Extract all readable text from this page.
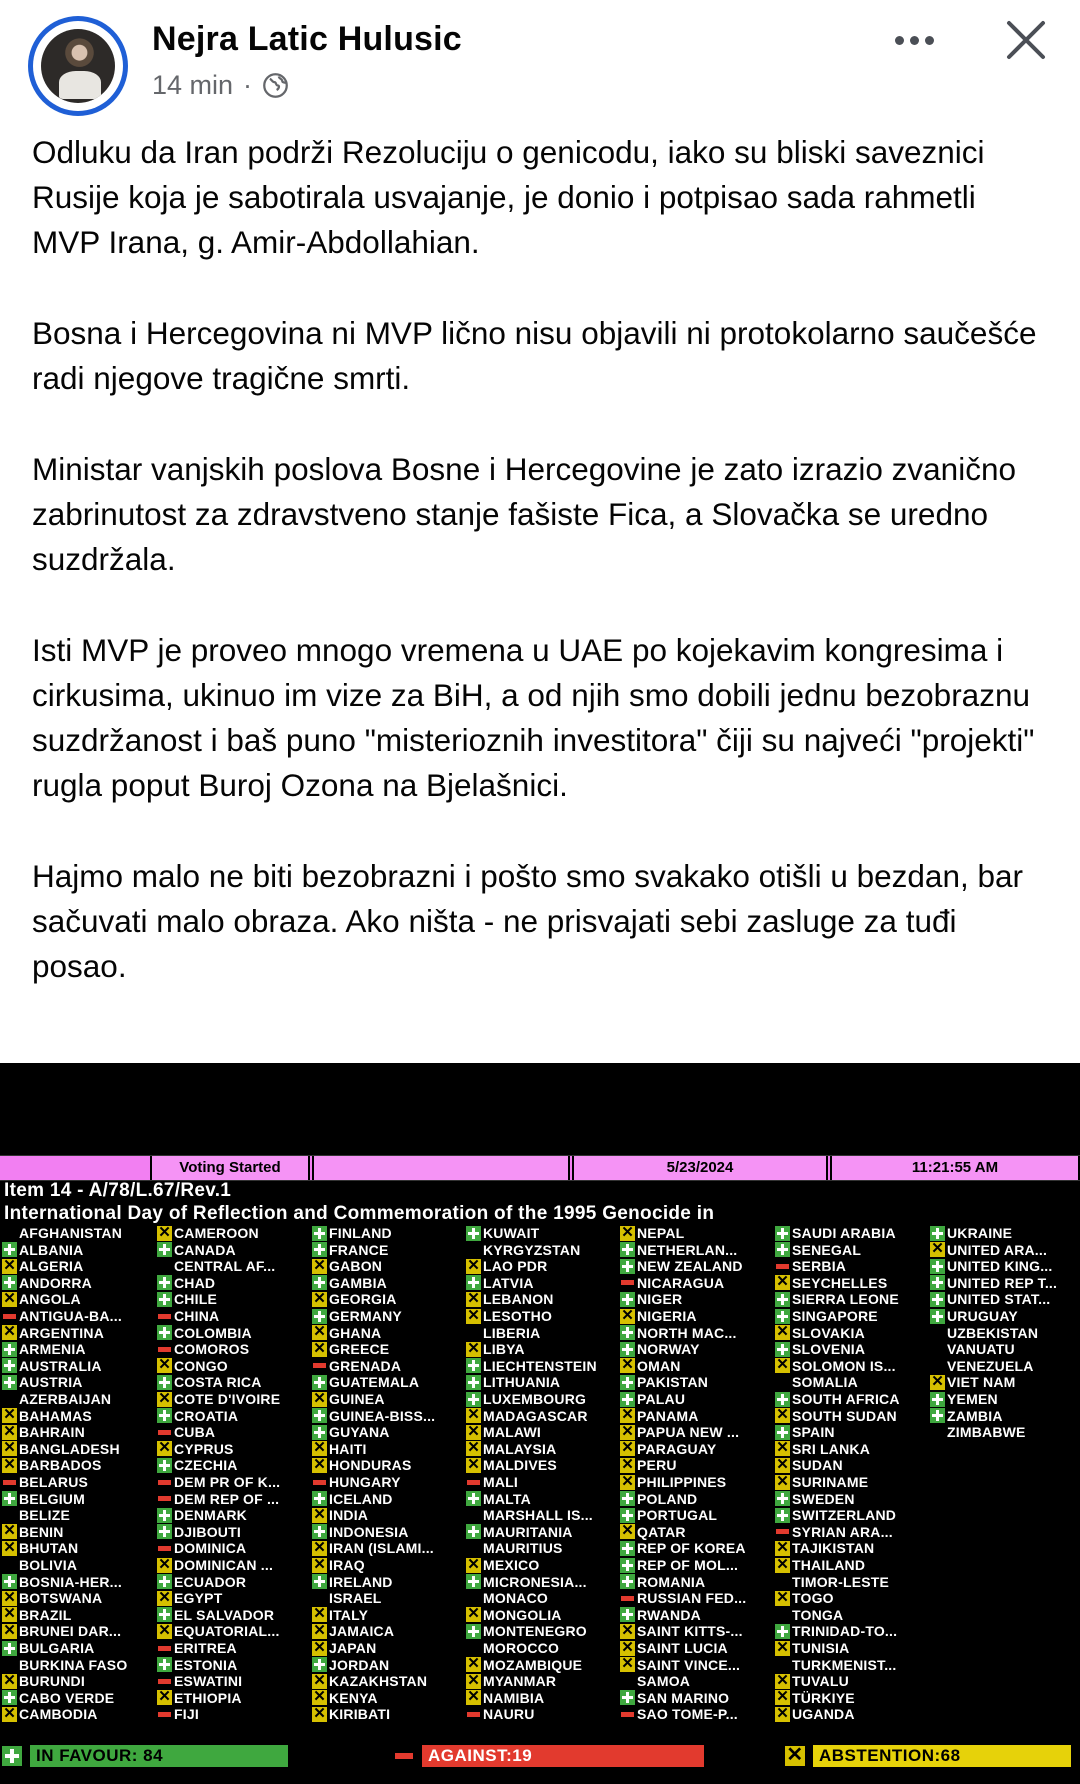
Nejra Latic Hulusic
14 min ·

Odluku da Iran podrži Rezoluciju o genicodu, iako su bliski saveznici Rusije koja je sabotirala usvajanje, je donio i potpisao sada rahmetli MVP Irana, g. Amir-Abdollahian.

Bosna i Hercegovina ni MVP lično nisu objavili ni protokolarno saučešće radi njegove tragične smrti.

Ministar vanjskih poslova Bosne i Hercegovine je zato izrazio zvanično zabrinutost za zdravstveno stanje fašiste Fica, a Slovačka se uredno suzdržala.

Isti MVP je proveo mnogo vremena u UAE po kojekavim kongresima i cirkusima, ukinuo im vize za BiH, a od njih smo dobili jednu bezobraznu suzdržanost i baš puno "misterioznih investitora" čiji su najveći "projekti" rugla poput Buroj Ozona na Bjelašnici.

Hajmo malo ne biti bezobrazni i pošto smo svakako otišli u bezdan, bar sačuvati malo obraza. Ako ništa - ne prisvajati sebi zasluge za tuđi posao.

Voting Started	5/23/2024	11:21:55 AM
Item 14 - A/78/L.67/Rev.1
International Day of Reflection and Commemoration of the 1995 Genocide in
AFGHANISTAN
ALBANIA
✕
ALGERIA
ANDORRA
✕
ANGOLA
ANTIGUA-BA...
✕
ARGENTINA
ARMENIA
AUSTRALIA
AUSTRIA
AZERBAIJAN
✕
BAHAMAS
✕
BAHRAIN
✕
BANGLADESH
✕
BARBADOS
BELARUS
BELGIUM
BELIZE
✕
BENIN
✕
BHUTAN
BOLIVIA
BOSNIA-HER...
✕
BOTSWANA
✕
BRAZIL
✕
BRUNEI DAR...
BULGARIA
BURKINA FASO
✕
BURUNDI
CABO VERDE
✕
CAMBODIA
✕
CAMEROON
CANADA
CENTRAL AF...
CHAD
CHILE
CHINA
COLOMBIA
COMOROS
✕
CONGO
COSTA RICA
✕
COTE D'IVOIRE
CROATIA
CUBA
✕
CYPRUS
CZECHIA
DEM PR OF K...
DEM REP OF ...
DENMARK
DJIBOUTI
DOMINICA
✕
DOMINICAN ...
ECUADOR
✕
EGYPT
EL SALVADOR
✕
EQUATORIAL...
ERITREA
ESTONIA
ESWATINI
✕
ETHIOPIA
FIJI
FINLAND
FRANCE
✕
GABON
GAMBIA
✕
GEORGIA
GERMANY
✕
GHANA
✕
GREECE
GRENADA
GUATEMALA
✕
GUINEA
GUINEA-BISS...
GUYANA
✕
HAITI
✕
HONDURAS
HUNGARY
ICELAND
✕
INDIA
INDONESIA
✕
IRAN (ISLAMI...
✕
IRAQ
IRELAND
ISRAEL
✕
ITALY
✕
JAMAICA
✕
JAPAN
JORDAN
✕
KAZAKHSTAN
✕
KENYA
✕
KIRIBATI
KUWAIT
KYRGYZSTAN
✕
LAO PDR
LATVIA
✕
LEBANON
✕
LESOTHO
LIBERIA
✕
LIBYA
LIECHTENSTEIN
LITHUANIA
LUXEMBOURG
✕
MADAGASCAR
✕
MALAWI
✕
MALAYSIA
✕
MALDIVES
MALI
MALTA
MARSHALL IS...
MAURITANIA
MAURITIUS
✕
MEXICO
MICRONESIA...
MONACO
✕
MONGOLIA
MONTENEGRO
MOROCCO
✕
MOZAMBIQUE
✕
MYANMAR
✕
NAMIBIA
NAURU
✕
NEPAL
NETHERLAN...
NEW ZEALAND
NICARAGUA
NIGER
✕
NIGERIA
NORTH MAC...
NORWAY
✕
OMAN
PAKISTAN
PALAU
✕
PANAMA
✕
PAPUA NEW ...
✕
PARAGUAY
✕
PERU
✕
PHILIPPINES
POLAND
PORTUGAL
✕
QATAR
REP OF KOREA
REP OF MOL...
ROMANIA
RUSSIAN FED...
RWANDA
✕
SAINT KITTS-...
✕
SAINT LUCIA
✕
SAINT VINCE...
SAMOA
SAN MARINO
SAO TOME-P...
SAUDI ARABIA
SENEGAL
SERBIA
✕
SEYCHELLES
SIERRA LEONE
SINGAPORE
✕
SLOVAKIA
SLOVENIA
✕
SOLOMON IS...
SOMALIA
SOUTH AFRICA
✕
SOUTH SUDAN
SPAIN
✕
SRI LANKA
✕
SUDAN
✕
SURINAME
SWEDEN
SWITZERLAND
SYRIAN ARA...
✕
TAJIKISTAN
✕
THAILAND
TIMOR-LESTE
✕
TOGO
TONGA
TRINIDAD-TO...
✕
TUNISIA
TURKMENIST...
✕
TUVALU
✕
TÜRKIYE
✕
UGANDA
UKRAINE
✕
UNITED ARA...
UNITED KING...
UNITED REP T...
UNITED STAT...
URUGUAY
UZBEKISTAN
VANUATU
VENEZUELA
✕
VIET NAM
YEMEN
ZAMBIA
ZIMBABWE
IN FAVOUR: 84	AGAINST:19
✕	ABSTENTION:68
